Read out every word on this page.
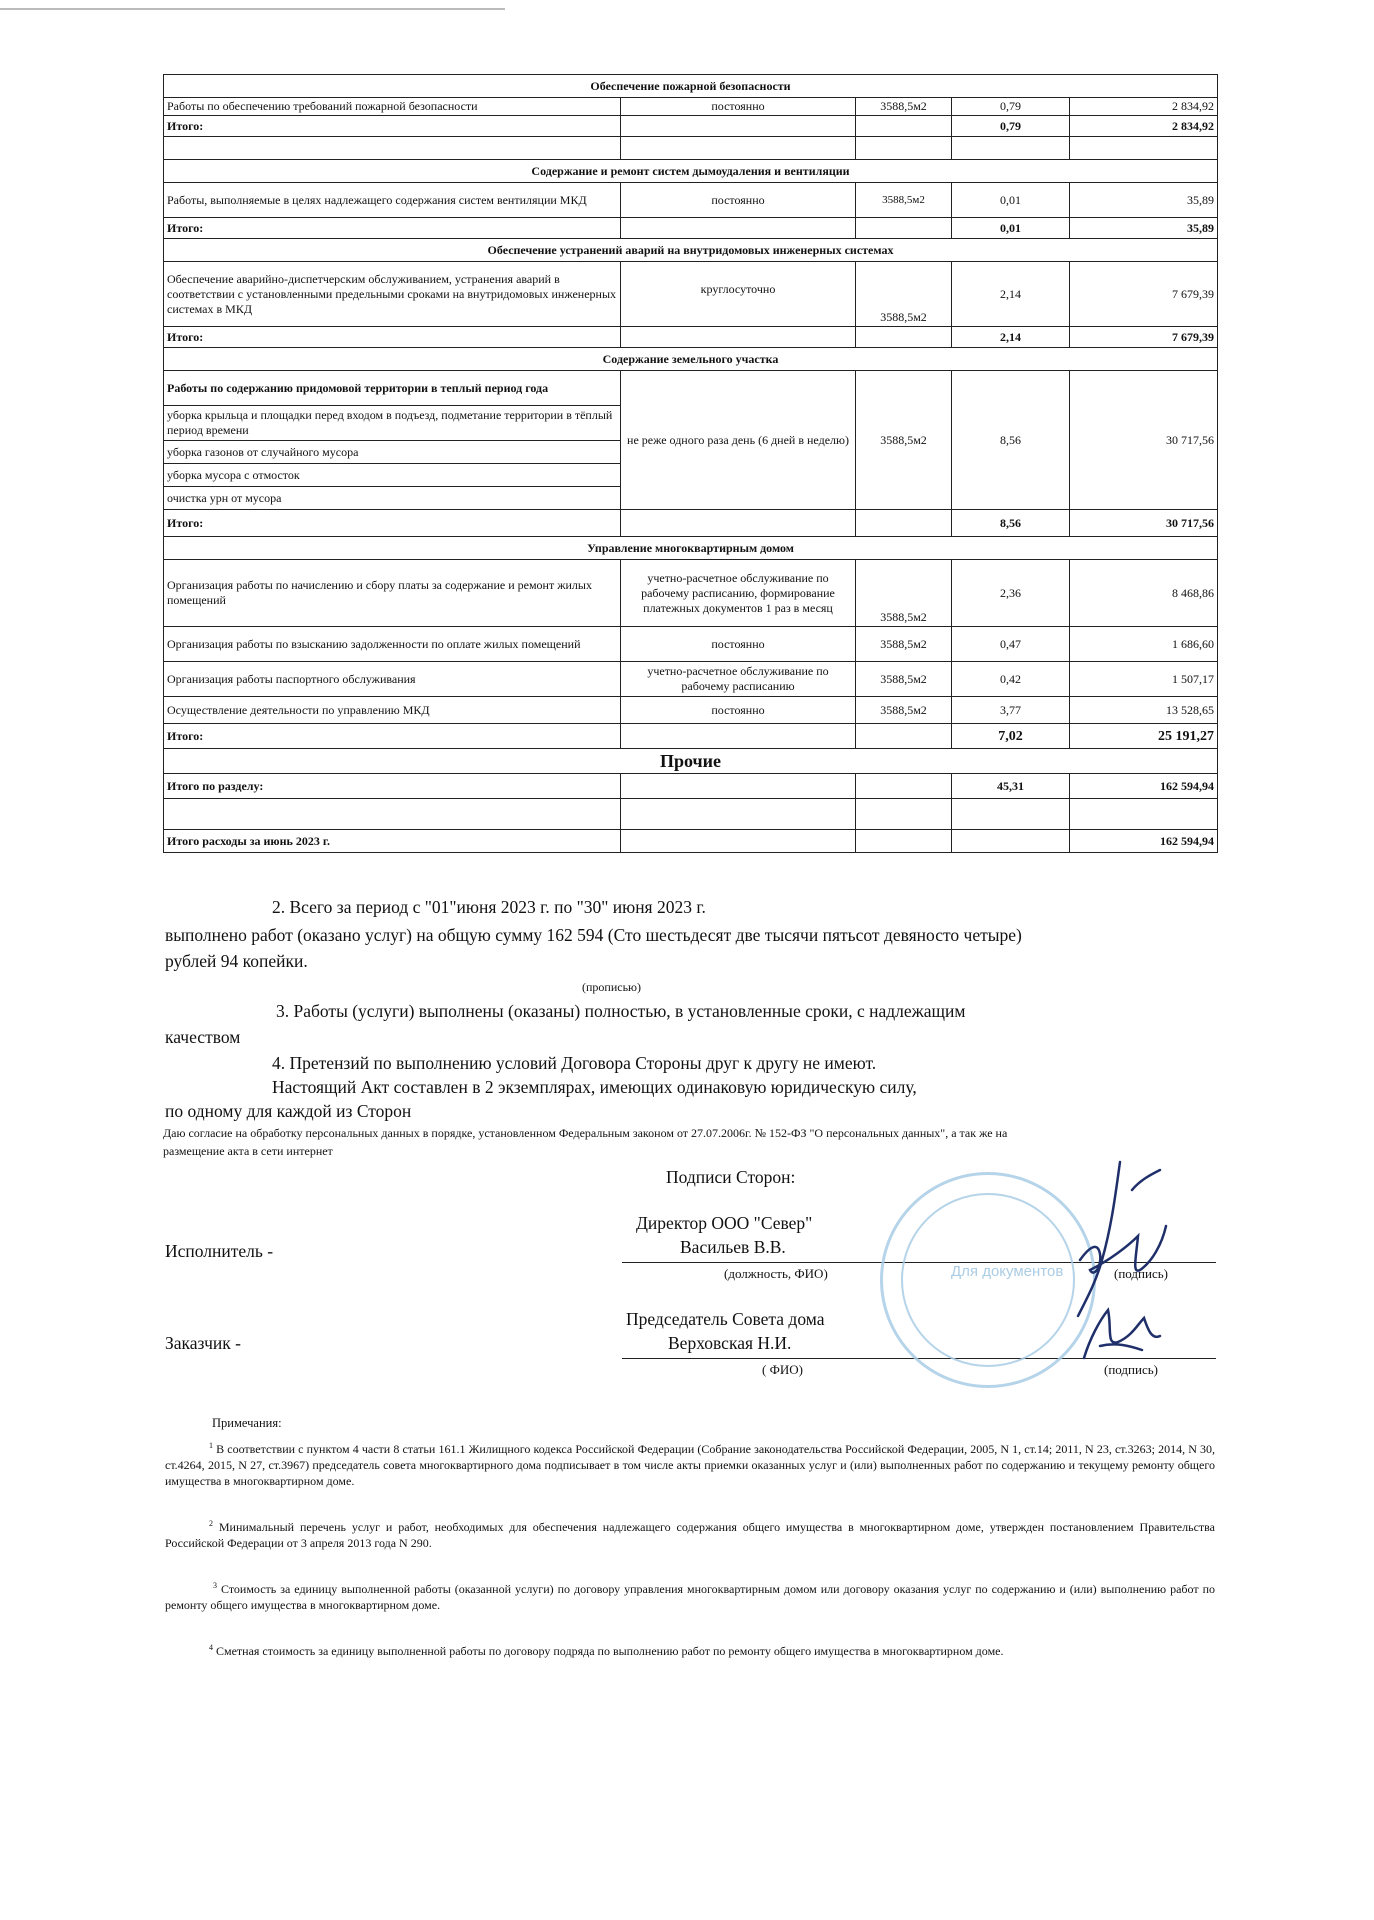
Обеспечение пожарной безопасности				
Работы по обеспечению требований пожарной безопасности	постоянно	3588,5м2	0,79	2 834,92
Итого:			0,79	2 834,92

Содержание и ремонт систем дымоудаления и вентиляции				
Работы, выполняемые в целях надлежащего содержания систем вентиляции МКД	постоянно	3588,5м2	0,01	35,89
Итого:			0,01	35,89
Обеспечение устранений аварий на внутридомовых инженерных системах				
Обеспечение аварийно-диспетчерским обслуживанием, устранения аварий в соответствии с установленными предельными сроками на внутридомовых инженерных системах в МКД	круглосуточно	3588,5м2	2,14	7 679,39
Итого:			2,14	7 679,39
Содержание земельного участка				
Работы по содержанию придомовой территории в теплый период года	не реже одного раза день (6 дней в неделю)	3588,5м2	8,56	30 717,56
уборка крыльца и площадки перед входом в подъезд, подметание территории в тёплый период времени				
уборка газонов от случайного мусора				
уборка мусора с отмосток				
очистка урн от мусора				
Итого:			8,56	30 717,56
Управление многоквартирным домом				
Организация работы по начислению и сбору платы за содержание и ремонт жилых помещений	учетно-расчетное обслуживание по рабочему расписанию, формирование платежных документов 1 раз в месяц	3588,5м2	2,36	8 468,86
Организация работы по взысканию задолженности по оплате жилых помещений	постоянно	3588,5м2	0,47	1 686,60
Организация работы паспортного обслуживания	учетно-расчетное обслуживание по рабочему расписанию	3588,5м2	0,42	1 507,17
Осуществление деятельности по управлению МКД	постоянно	3588,5м2	3,77	13 528,65
Итого:			7,02	25 191,27
Прочие				
Итого по разделу:			45,31	162 594,94

Итого расходы за июнь 2023 г.				162 594,94
2. Всего за период с "01"июня 2023 г. по "30" июня 2023 г.
выполнено работ (оказано услуг) на общую сумму 162 594 (Сто шестьдесят две тысячи пятьсот девяносто четыре)
рублей 94 копейки.
(прописью)
3. Работы (услуги) выполнены (оказаны) полностью, в установленные сроки, с надлежащим
качеством
4. Претензий по выполнению условий Договора Стороны друг к другу не имеют.
Настоящий Акт составлен в 2 экземплярах, имеющих одинаковую юридическую силу,
по одному для каждой из Сторон
Даю согласие на обработку персональных данных в порядке, установленном Федеральным законом от 27.07.2006г. № 152-ФЗ "О персональных данных", а так же на
размещение акта в сети интернет
Подписи Сторон:
Исполнитель -
Директор ООО "Север"
Васильев В.В.
(должность, ФИО)	(подпись)
Заказчик -
Председатель Совета дома
Верховская Н.И.
( ФИО)	(подпись)
Для документов
Примечания:
$^1$ В соответствии с пунктом 4 части 8 статьи 161.1 Жилищного кодекса Российской Федерации (Собрание законодательства Российской Федерации, 2005, N 1, ст.14; 2011, N 23, ст.3263; 2014, N 30, ст.4264, 2015, N 27, ст.3967) председатель совета многоквартирного дома подписывает в том числе акты приемки оказанных услуг и (или) выполненных работ по содержанию и текущему ремонту общего имущества в многоквартирном доме.
$^2$ Минимальный перечень услуг и работ, необходимых для обеспечения надлежащего содержания общего имущества в многоквартирном доме, утвержден постановлением Правительства Российской Федерации от 3 апреля 2013 года N 290.
$^3$ Стоимость за единицу выполненной работы (оказанной услуги) по договору управления многоквартирным домом или договору оказания услуг по содержанию и (или) выполнению работ по ремонту общего имущества в многоквартирном доме.
$^4$ Сметная стоимость за единицу выполненной работы по договору подряда по выполнению работ по ремонту общего имущества в многоквартирном доме.
